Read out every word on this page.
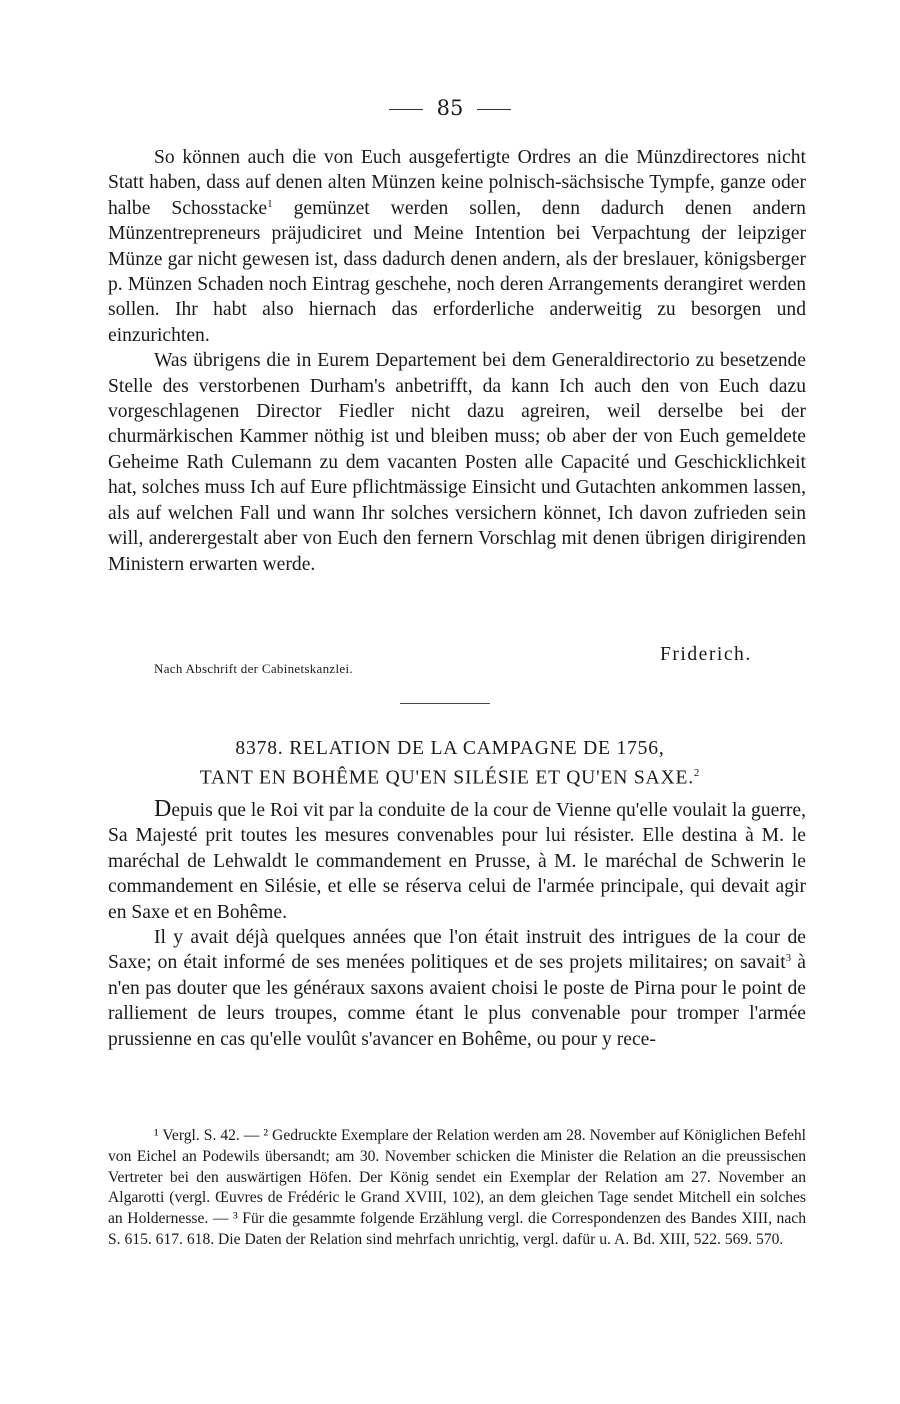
85

So können auch die von Euch ausgefertigte Ordres an die Münzdirectores nicht Statt haben, dass auf denen alten Münzen keine polnisch-sächsische Tympfe, ganze oder halbe Schosstacke$^1$ gemünzet werden sollen, denn dadurch denen andern Münzentrepreneurs präjudiciret und Meine Intention bei Verpachtung der leipziger Münze gar nicht gewesen ist, dass dadurch denen andern, als der breslauer, königsberger p. Münzen Schaden noch Eintrag geschehe, noch deren Arrangements derangiret werden sollen. Ihr habt also hiernach das erforderliche anderweitig zu besorgen und einzurichten.

Was übrigens die in Eurem Departement bei dem Generaldirectorio zu besetzende Stelle des verstorbenen Durham's anbetrifft, da kann Ich auch den von Euch dazu vorgeschlagenen Director Fiedler nicht dazu agreiren, weil derselbe bei der churmärkischen Kammer nöthig ist und bleiben muss; ob aber der von Euch gemeldete Geheime Rath Culemann zu dem vacanten Posten alle Capacité und Geschicklichkeit hat, solches muss Ich auf Eure pflichtmässige Einsicht und Gutachten ankommen lassen, als auf welchen Fall und wann Ihr solches versichern könnet, Ich davon zufrieden sein will, anderergestalt aber von Euch den fernern Vorschlag mit denen übrigen dirigirenden Ministern erwarten werde.

Friderich.
Nach Abschrift der Cabinetskanzlei.
8378. RELATION DE LA CAMPAGNE DE 1756,
TANT EN BOHÊME QU'EN SILÉSIE ET QU'EN SAXE.$^2$

Depuis que le Roi vit par la conduite de la cour de Vienne qu'elle voulait la guerre, Sa Majesté prit toutes les mesures convenables pour lui résister. Elle destina à M. le maréchal de Lehwaldt le commandement en Prusse, à M. le maréchal de Schwerin le commandement en Silésie, et elle se réserva celui de l'armée principale, qui devait agir en Saxe et en Bohême.

Il y avait déjà quelques années que l'on était instruit des intrigues de la cour de Saxe; on était informé de ses menées politiques et de ses projets militaires; on savait$^3$ à n'en pas douter que les généraux saxons avaient choisi le poste de Pirna pour le point de ralliement de leurs troupes, comme étant le plus convenable pour tromper l'armée prussienne en cas qu'elle voulût s'avancer en Bohême, ou pour y rece-

¹ Vergl. S. 42. — ² Gedruckte Exemplare der Relation werden am 28. November auf Königlichen Befehl von Eichel an Podewils übersandt; am 30. November schicken die Minister die Relation an die preussischen Vertreter bei den auswärtigen Höfen. Der König sendet ein Exemplar der Relation am 27. November an Algarotti (vergl. Œuvres de Frédéric le Grand XVIII, 102), an dem gleichen Tage sendet Mitchell ein solches an Holdernesse. — ³ Für die gesammte folgende Erzählung vergl. die Correspondenzen des Bandes XIII, nach S. 615. 617. 618. Die Daten der Relation sind mehrfach unrichtig, vergl. dafür u. A. Bd. XIII, 522. 569. 570.
